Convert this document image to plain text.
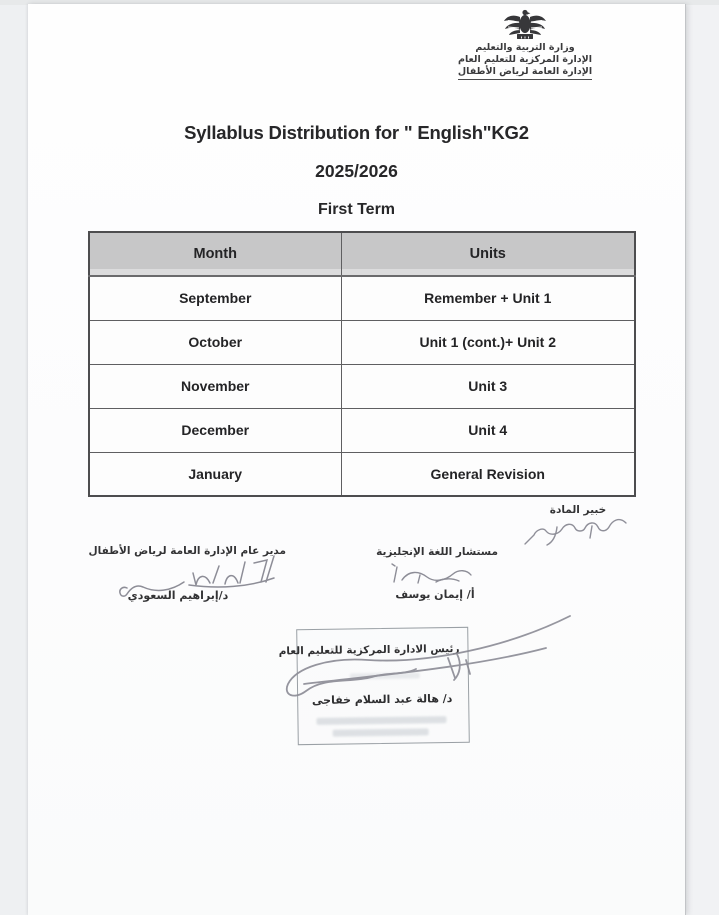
وزارة التربية والتعليم
الإدارة المركزية للتعليم العام
الإدارة العامة لرياض الأطفال
Syllablus Distribution for " English"KG2
2025/2026
First Term
Month	Units
September	Remember + Unit 1
October	Unit 1 (cont.)+ Unit 2
November	Unit 3
December	Unit 4
January	General Revision
خبير المادة
مدير عام الإدارة العامة لرياض الأطفال
د/إبراهيم السعودي
مستشار اللغة الإنجليزية
أ/ إيمان يوسف
رئيس الادارة المركزية للتعليم العام
د/ هالة عبد السلام خفاجى
